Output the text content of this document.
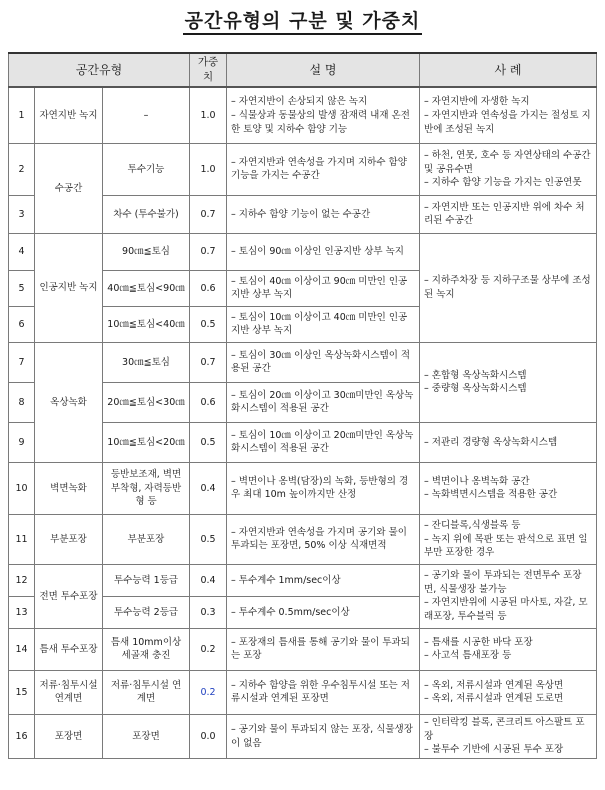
공간유형의 구분 및 가중치
공간유형			가중치	설 명	사 례
1	자연지반 녹지	–	1.0	– 자연지반이 손상되지 않은 녹지
– 식물상과 동물상의 발생 잠재력 내재 온전한 토양 및 지하수 함양 기능	– 자연지반에 자생한 녹지
– 자연지반과 연속성을 가지는 절성토 지반에 조성된 녹지

2	수공간	투수기능	1.0	– 자연지반과 연속성을 가지며 지하수 함양 기능을 가지는 수공간	– 하천, 연못, 호수 등 자연상태의 수공간 및 공유수면
– 지하수 함양 기능을 가지는 인공연못

3		차수 (투수불가)	0.7	– 지하수 함양 기능이 없는 수공간	– 자연지반 또는 인공지반 위에 차수 처리된 수공간

4	인공지반 녹지	90㎝≦토심	0.7	– 토심이 90㎝ 이상인 인공지반 상부 녹지	– 지하주차장 등 지하구조물 상부에 조성된 녹지

5		40㎝≦토심<90㎝	0.6	– 토심이 40㎝ 이상이고 90㎝ 미만인 인공지반 상부 녹지	

6		10㎝≦토심<40㎝	0.5	– 토심이 10㎝ 이상이고 40㎝ 미만인 인공지반 상부 녹지	

7	옥상녹화	30㎝≦토심	0.7	– 토심이 30㎝ 이상인 옥상녹화시스템이 적용된 공간	– 혼합형 옥상녹화시스템
– 중량형 옥상녹화시스템

8		20㎝≦토심<30㎝	0.6	– 토심이 20㎝ 이상이고 30㎝미만인 옥상녹화시스템이 적용된 공간	

9		10㎝≦토심<20㎝	0.5	– 토심이 10㎝ 이상이고 20㎝미만인 옥상녹화시스템이 적용된 공간	– 저관리 경량형 옥상녹화시스템

10	벽면녹화	등반보조재, 벽면부착형, 자력등반형 등	0.4	– 벽면이나 옹벽(담장)의 녹화, 등반형의 경우 최대 10m 높이까지만 산정	– 벽면이나 옹벽녹화 공간
– 녹화벽면시스템을 적용한 공간

11	부분포장	부분포장	0.5	– 자연지반과 연속성을 가지며 공기와 물이 투과되는 포장면, 50% 이상 식재면적	– 잔디블록,식생블록 등
– 녹지 위에 목판 또는 판석으로 표면 일부만 포장한 경우

12	전면 투수포장	투수능력 1등급	0.4	– 투수계수 1mm/sec이상	– 공기와 물이 투과되는 전면투수 포장면, 식물생장 불가능
– 자연지반위에 시공된 마사토, 자갈, 모래포장, 투수블럭 등

13		투수능력 2등급	0.3	– 투수계수 0.5mm/sec이상	

14	틈새 투수포장	틈새 10mm이상 세골재 충진	0.2	– 포장재의 틈새를 통해 공기와 물이 투과되는 포장	– 틈새를 시공한 바닥 포장
– 사고석 틈새포장 등

15	저류·침투시설 연계면	저류·침투시설 연계면	0.2	– 지하수 함양을 위한 우수침투시설 또는 저류시설과 연계된 포장면	– 옥외, 저류시설과 연계된 옥상면
– 옥외, 저류시설과 연계된 도로면

16	포장면	포장면	0.0	– 공기와 물이 투과되지 않는 포장, 식물생장이 없음	– 인터락킹 블록, 콘크리트 아스팔트 포장
– 불투수 기반에 시공된 투수 포장
